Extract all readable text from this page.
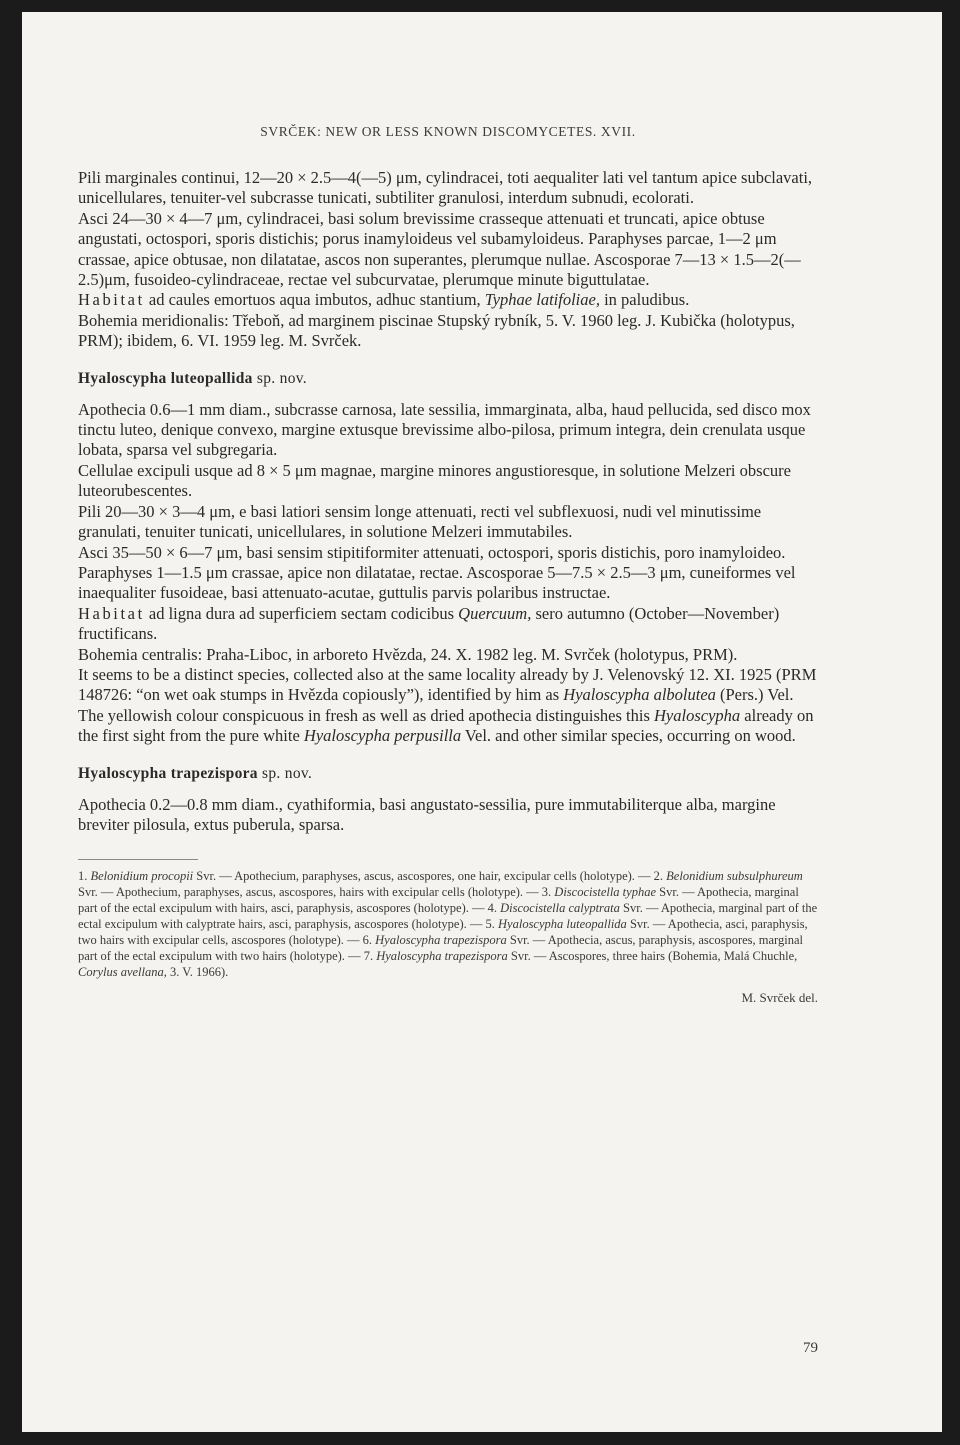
SVRČEK: NEW OR LESS KNOWN DISCOMYCETES. XVII.

Pili marginales continui, 12—20 × 2.5—4(—5) μm, cylindracei, toti aequaliter lati vel tantum apice subclavati, unicellulares, tenuiter-vel subcrasse tunicati, subtiliter granulosi, interdum subnudi, ecolorati.

Asci 24—30 × 4—7 μm, cylindracei, basi solum brevissime crasseque attenuati et truncati, apice obtuse angustati, octospori, sporis distichis; porus inamyloideus vel subamyloideus. Paraphyses parcae, 1—2 μm crassae, apice obtusae, non dilatatae, ascos non superantes, plerumque nullae. Ascosporae 7—13 × 1.5—2(—2.5)μm, fusoideo-cylindraceae, rectae vel subcurvatae, plerumque minute biguttulatae.

Habitat ad caules emortuos aqua imbutos, adhuc stantium, Typhae latifoliae, in paludibus.

Bohemia meridionalis: Třeboň, ad marginem piscinae Stupský rybník, 5. V. 1960 leg. J. Kubička (holotypus, PRM); ibidem, 6. VI. 1959 leg. M. Svrček.

Hyaloscypha luteopallida sp. nov.

Apothecia 0.6—1 mm diam., subcrasse carnosa, late sessilia, immarginata, alba, haud pellucida, sed disco mox tinctu luteo, denique convexo, margine extusque brevissime albo-pilosa, primum integra, dein crenulata usque lobata, sparsa vel subgregaria.

Cellulae excipuli usque ad 8 × 5 μm magnae, margine minores angustioresque, in solutione Melzeri obscure luteorubescentes.

Pili 20—30 × 3—4 μm, e basi latiori sensim longe attenuati, recti vel subflexuosi, nudi vel minutissime granulati, tenuiter tunicati, unicellulares, in solutione Melzeri immutabiles.

Asci 35—50 × 6—7 μm, basi sensim stipitiformiter attenuati, octospori, sporis distichis, poro inamyloideo. Paraphyses 1—1.5 μm crassae, apice non dilatatae, rectae. Ascosporae 5—7.5 × 2.5—3 μm, cuneiformes vel inaequaliter fusoideae, basi attenuato-acutae, guttulis parvis polaribus instructae.

Habitat ad ligna dura ad superficiem sectam codicibus Quercuum, sero autumno (October—November) fructificans.

Bohemia centralis: Praha-Liboc, in arboreto Hvězda, 24. X. 1982 leg. M. Svrček (holotypus, PRM).

It seems to be a distinct species, collected also at the same locality already by J. Velenovský 12. XI. 1925 (PRM 148726: “on wet oak stumps in Hvězda copiously”), identified by him as Hyaloscypha albolutea (Pers.) Vel. The yellowish colour conspicuous in fresh as well as dried apothecia distinguishes this Hyaloscypha already on the first sight from the pure white Hyaloscypha perpusilla Vel. and other similar species, occurring on wood.

Hyaloscypha trapezispora sp. nov.

Apothecia 0.2—0.8 mm diam., cyathiformia, basi angustato-sessilia, pure immutabiliterque alba, margine breviter pilosula, extus puberula, sparsa.

1. Belonidium procopii Svr. — Apothecium, paraphyses, ascus, ascospores, one hair, excipular cells (holotype). — 2. Belonidium subsulphureum Svr. — Apothecium, paraphyses, ascus, ascospores, hairs with excipular cells (holotype). — 3. Discocistella typhae Svr. — Apothecia, marginal part of the ectal excipulum with hairs, asci, paraphysis, ascospores (holotype). — 4. Discocistella calyptrata Svr. — Apothecia, marginal part of the ectal excipulum with calyptrate hairs, asci, paraphysis, ascospores (holotype). — 5. Hyaloscypha luteopallida Svr. — Apothecia, asci, paraphysis, two hairs with excipular cells, ascospores (holotype). — 6. Hyaloscypha trapezispora Svr. — Apothecia, ascus, paraphysis, ascospores, marginal part of the ectal excipulum with two hairs (holotype). — 7. Hyaloscypha trapezispora Svr. — Ascospores, three hairs (Bohemia, Malá Chuchle, Corylus avellana, 3. V. 1966).
M. Svrček del.
79
